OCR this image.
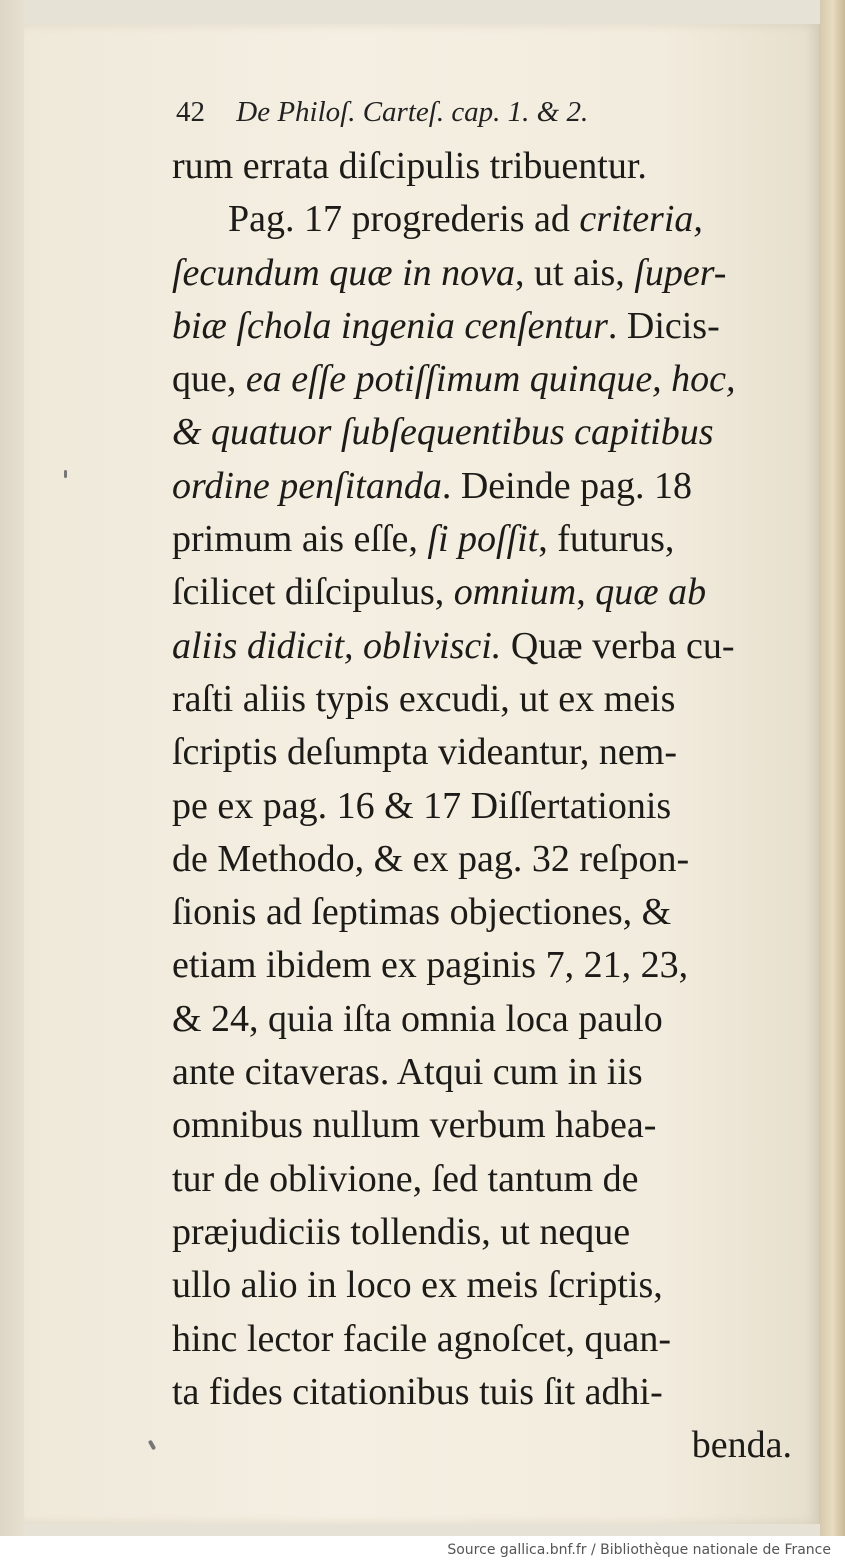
42 De Philoſ. Carteſ. cap. 1. & 2.
rum errata diſcipulis tribuentur.
Pag. 17 progrederis ad criteria,
ſecundum quæ in nova, ut ais, ſuper-
biæ ſchola ingenia cenſentur. Dicis-
que, ea eſſe potiſſimum quinque, hoc,
& quatuor ſubſequentibus capitibus
ordine penſitanda. Deinde pag. 18
primum ais eſſe, ſi poſſit, futurus,
ſcilicet diſcipulus, omnium, quæ ab
aliis didicit, oblivisci. Quæ verba cu-
raſti aliis typis excudi, ut ex meis
ſcriptis deſumpta videantur, nem-
pe ex pag. 16 & 17 Diſſertationis
de Methodo, & ex pag. 32 reſpon-
ſionis ad ſeptimas objectiones, &
etiam ibidem ex paginis 7, 21, 23,
& 24, quia iſta omnia loca paulo
ante citaveras. Atqui cum in iis
omnibus nullum verbum habea-
tur de oblivione, ſed tantum de
præjudiciis tollendis, ut neque
ullo alio in loco ex meis ſcriptis,
hinc lector facile agnoſcet, quan-
ta fides citationibus tuis ſit adhi-
benda.
Source gallica.bnf.fr / Bibliothèque nationale de France
